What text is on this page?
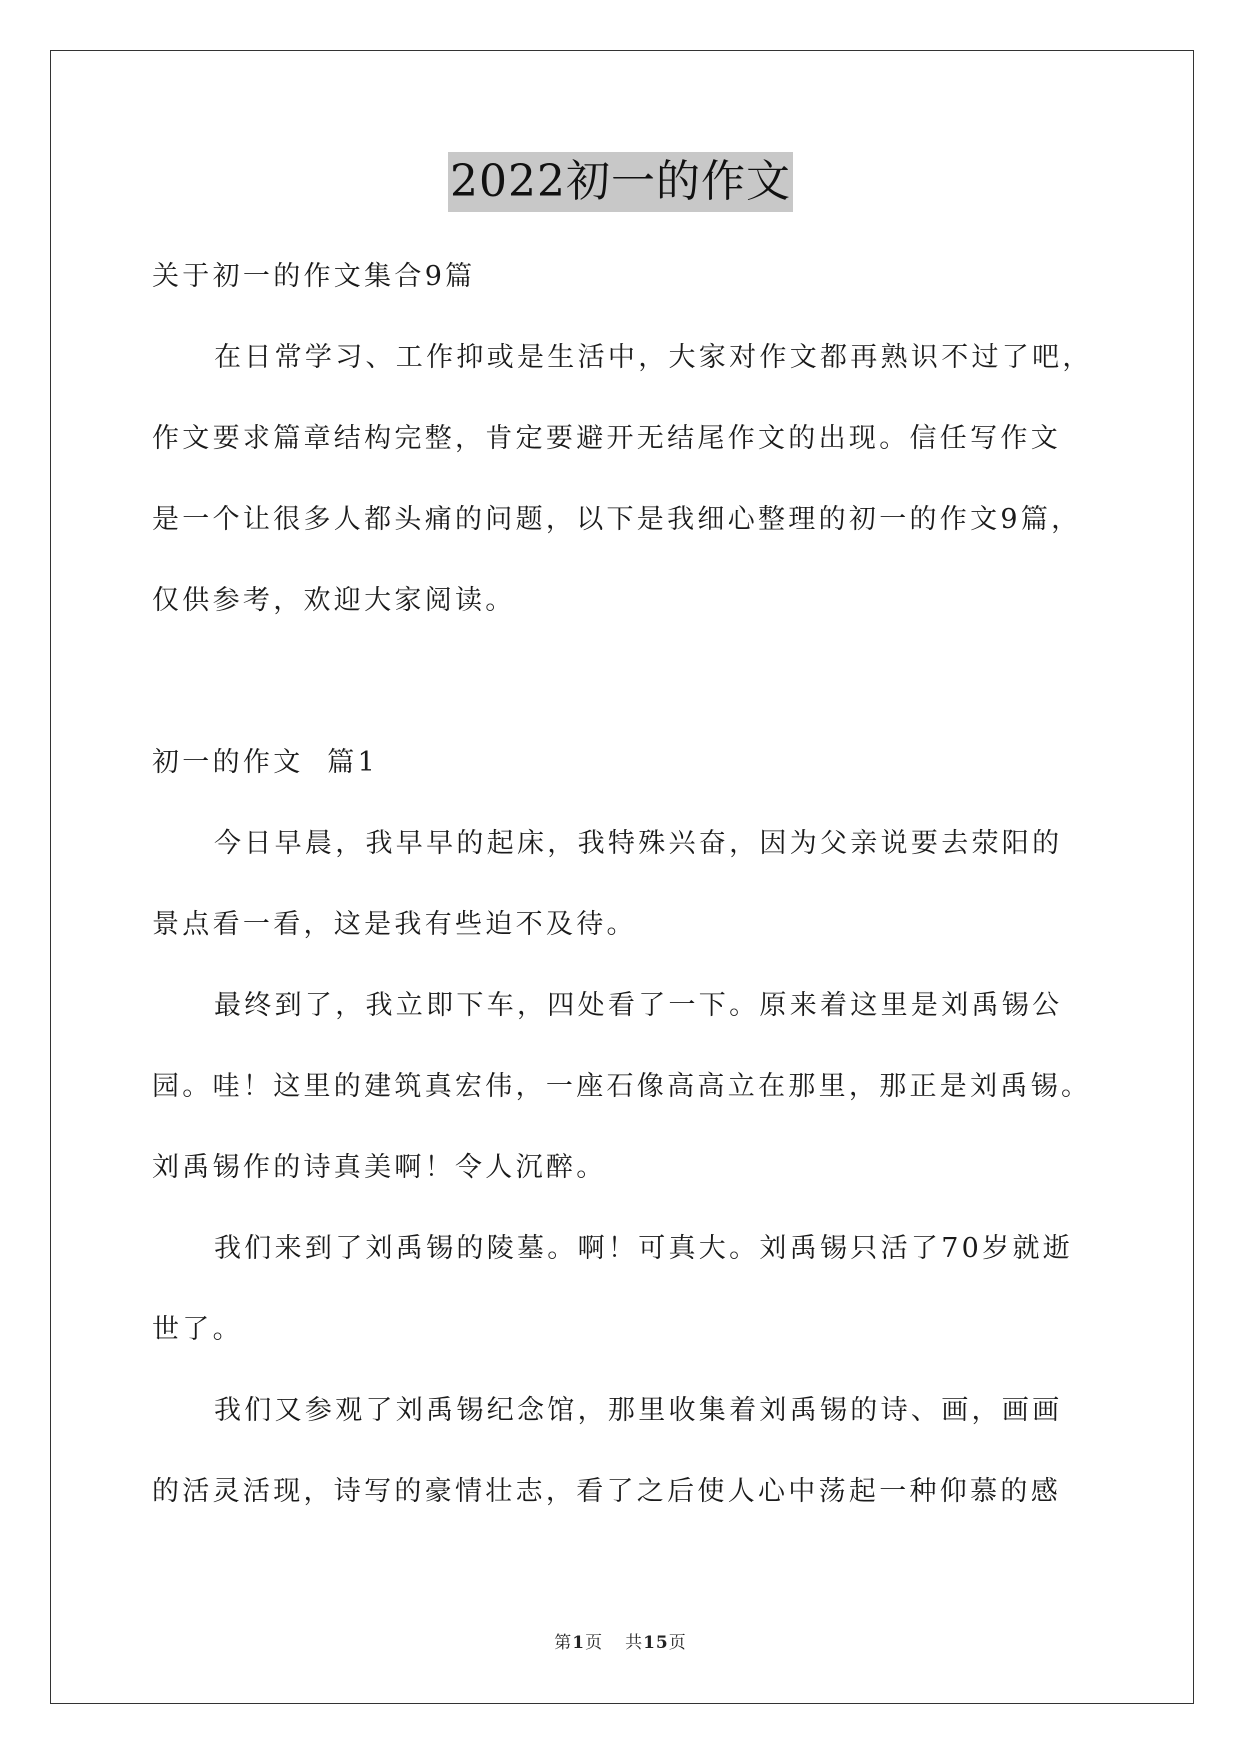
2022初一的作文
关于初一的作文集合9篇
在日常学习、工作抑或是生活中，大家对作文都再熟识不过了吧，
作文要求篇章结构完整，肯定要避开无结尾作文的出现。信任写作文
是一个让很多人都头痛的问题，以下是我细心整理的初一的作文9篇，
仅供参考，欢迎大家阅读。
初一的作文  篇1
今日早晨，我早早的起床，我特殊兴奋，因为父亲说要去荥阳的
景点看一看，这是我有些迫不及待。
最终到了，我立即下车，四处看了一下。原来着这里是刘禹锡公
园。哇！这里的建筑真宏伟，一座石像高高立在那里，那正是刘禹锡。
刘禹锡作的诗真美啊！令人沉醉。
我们来到了刘禹锡的陵墓。啊！可真大。刘禹锡只活了70岁就逝
世了。
我们又参观了刘禹锡纪念馆，那里收集着刘禹锡的诗、画，画画
的活灵活现，诗写的豪情壮志，看了之后使人心中荡起一种仰慕的感
第1页 共15页
